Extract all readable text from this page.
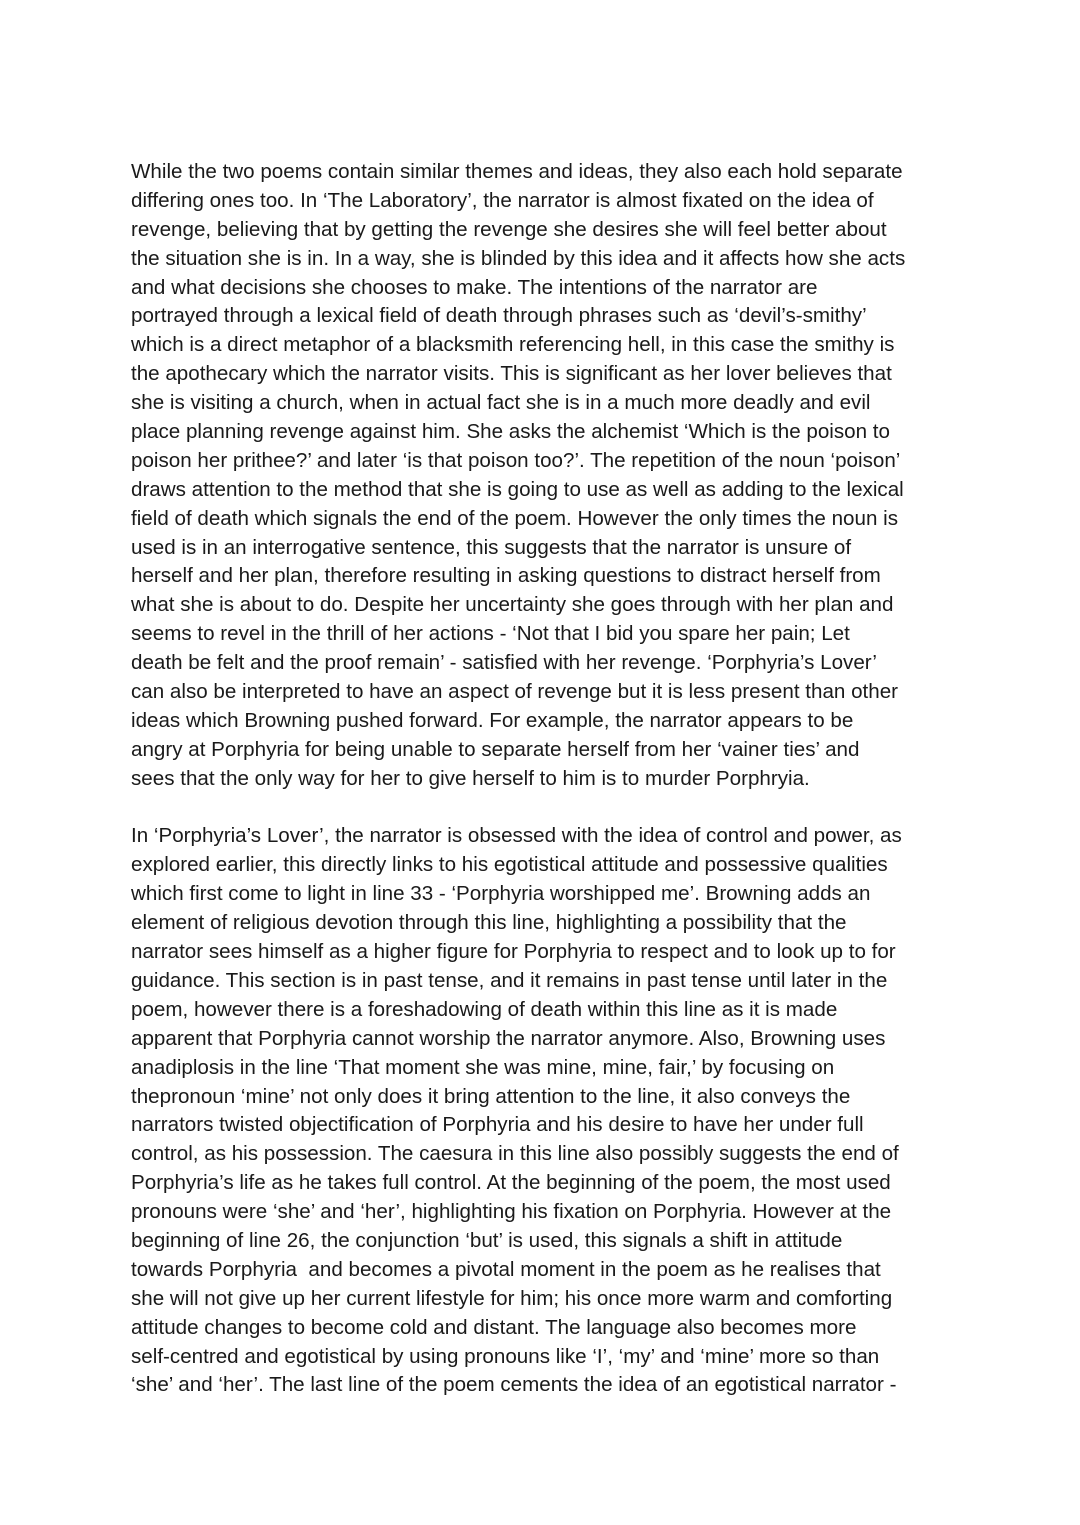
While the two poems contain similar themes and ideas, they also each hold separate
differing ones too. In ‘The Laboratory’, the narrator is almost fixated on the idea of
revenge, believing that by getting the revenge she desires she will feel better about
the situation she is in. In a way, she is blinded by this idea and it affects how she acts
and what decisions she chooses to make. The intentions of the narrator are
portrayed through a lexical field of death through phrases such as ‘devil’s-smithy’
which is a direct metaphor of a blacksmith referencing hell, in this case the smithy is
the apothecary which the narrator visits. This is significant as her lover believes that
she is visiting a church, when in actual fact she is in a much more deadly and evil
place planning revenge against him. She asks the alchemist ‘Which is the poison to
poison her prithee?’ and later ‘is that poison too?’. The repetition of the noun ‘poison’
draws attention to the method that she is going to use as well as adding to the lexical
field of death which signals the end of the poem. However the only times the noun is
used is in an interrogative sentence, this suggests that the narrator is unsure of
herself and her plan, therefore resulting in asking questions to distract herself from
what she is about to do. Despite her uncertainty she goes through with her plan and
seems to revel in the thrill of her actions - ‘Not that I bid you spare her pain; Let
death be felt and the proof remain’ - satisfied with her revenge. ‘Porphyria’s Lover’
can also be interpreted to have an aspect of revenge but it is less present than other
ideas which Browning pushed forward. For example, the narrator appears to be
angry at Porphyria for being unable to separate herself from her ‘vainer ties’ and
sees that the only way for her to give herself to him is to murder Porphryia.
In ‘Porphyria’s Lover’, the narrator is obsessed with the idea of control and power, as
explored earlier, this directly links to his egotistical attitude and possessive qualities
which first come to light in line 33 - ‘Porphyria worshipped me’. Browning adds an
element of religious devotion through this line, highlighting a possibility that the
narrator sees himself as a higher figure for Porphyria to respect and to look up to for
guidance. This section is in past tense, and it remains in past tense until later in the
poem, however there is a foreshadowing of death within this line as it is made
apparent that Porphyria cannot worship the narrator anymore. Also, Browning uses
anadiplosis in the line ‘That moment she was mine, mine, fair,’ by focusing on
thepronoun ‘mine’ not only does it bring attention to the line, it also conveys the
narrators twisted objectification of Porphyria and his desire to have her under full
control, as his possession. The caesura in this line also possibly suggests the end of
Porphyria’s life as he takes full control. At the beginning of the poem, the most used
pronouns were ‘she’ and ‘her’, highlighting his fixation on Porphyria. However at the
beginning of line 26, the conjunction ‘but’ is used, this signals a shift in attitude
towards Porphyria  and becomes a pivotal moment in the poem as he realises that
she will not give up her current lifestyle for him; his once more warm and comforting
attitude changes to become cold and distant. The language also becomes more
self-centred and egotistical by using pronouns like ‘I’, ‘my’ and ‘mine’ more so than
‘she’ and ‘her’. The last line of the poem cements the idea of an egotistical narrator -
